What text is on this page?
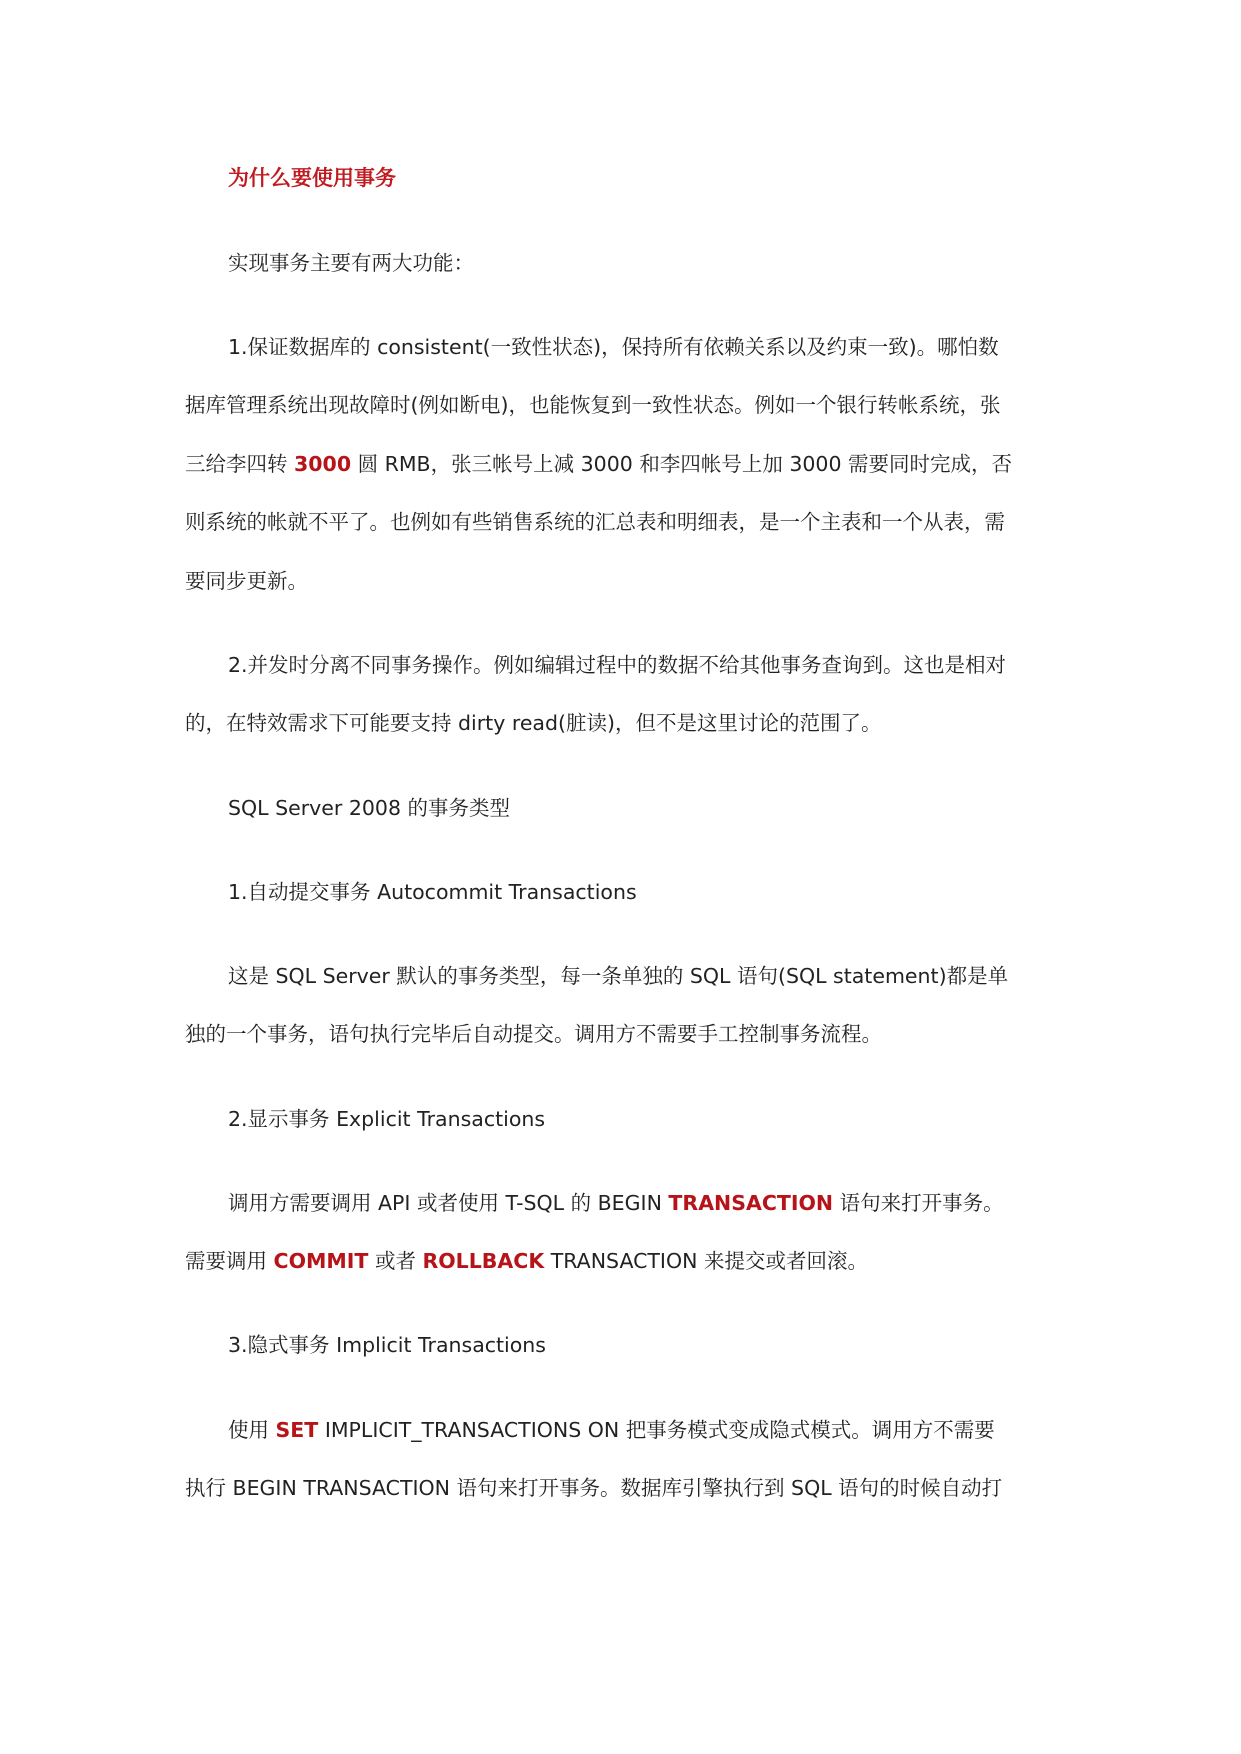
为什么要使用事务
实现事务主要有两大功能：
1.保证数据库的 consistent(一致性状态)，保持所有依赖关系以及约束一致)。哪怕数
据库管理系统出现故障时(例如断电)，也能恢复到一致性状态。例如一个银行转帐系统，张
三给李四转 3000 圆 RMB，张三帐号上减 3000 和李四帐号上加 3000 需要同时完成，否
则系统的帐就不平了。也例如有些销售系统的汇总表和明细表，是一个主表和一个从表，需
要同步更新。
2.并发时分离不同事务操作。例如编辑过程中的数据不给其他事务查询到。这也是相对
的，在特效需求下可能要支持 dirty read(脏读)，但不是这里讨论的范围了。
SQL Server 2008 的事务类型
1.自动提交事务 Autocommit Transactions
这是 SQL Server 默认的事务类型，每一条单独的 SQL 语句(SQL statement)都是单
独的一个事务，语句执行完毕后自动提交。调用方不需要手工控制事务流程。
2.显示事务 Explicit Transactions
调用方需要调用 API 或者使用 T-SQL 的 BEGIN TRANSACTION 语句来打开事务。
需要调用 COMMIT 或者 ROLLBACK TRANSACTION 来提交或者回滚。
3.隐式事务 Implicit Transactions
使用 SET IMPLICIT_TRANSACTIONS ON 把事务模式变成隐式模式。调用方不需要
执行 BEGIN TRANSACTION 语句来打开事务。数据库引擎执行到 SQL 语句的时候自动打
